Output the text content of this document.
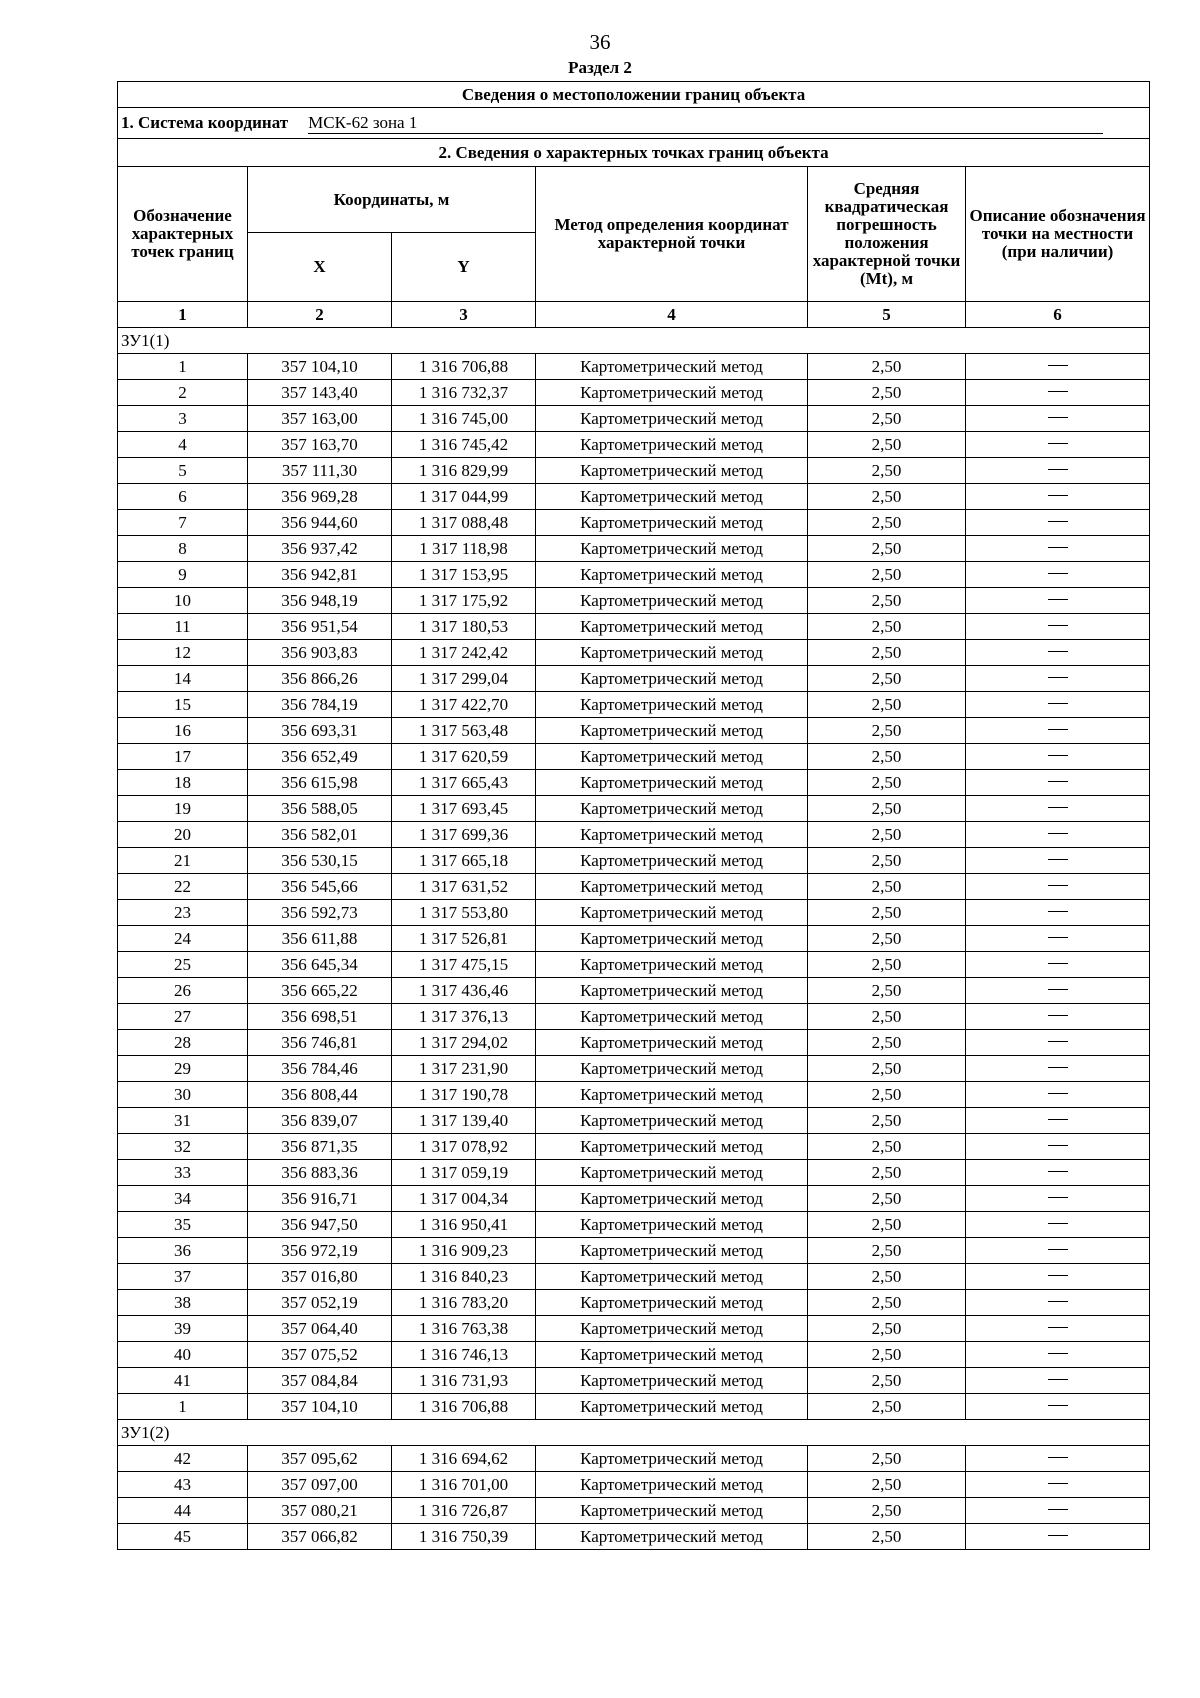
36
Раздел 2
Сведения о местоположении границ объекта					
1. Система координат МСК-62 зона 1					
2. Сведения о характерных точках границ объекта					
Обозначение характерных точек границ	Координаты, м		Метод определения координат характерной точки	Средняя квадратическая погрешность положения характерной точки (Mt), м	Описание обозначения точки на местности (при наличии)
	X	Y			
1	2	3	4	5	6
ЗУ1(1)					
1	357 104,10	1 316 706,88	Картометрический метод	2,50	
2	357 143,40	1 316 732,37	Картометрический метод	2,50	
3	357 163,00	1 316 745,00	Картометрический метод	2,50	
4	357 163,70	1 316 745,42	Картометрический метод	2,50	
5	357 111,30	1 316 829,99	Картометрический метод	2,50	
6	356 969,28	1 317 044,99	Картометрический метод	2,50	
7	356 944,60	1 317 088,48	Картометрический метод	2,50	
8	356 937,42	1 317 118,98	Картометрический метод	2,50	
9	356 942,81	1 317 153,95	Картометрический метод	2,50	
10	356 948,19	1 317 175,92	Картометрический метод	2,50	
11	356 951,54	1 317 180,53	Картометрический метод	2,50	
12	356 903,83	1 317 242,42	Картометрический метод	2,50	
14	356 866,26	1 317 299,04	Картометрический метод	2,50	
15	356 784,19	1 317 422,70	Картометрический метод	2,50	
16	356 693,31	1 317 563,48	Картометрический метод	2,50	
17	356 652,49	1 317 620,59	Картометрический метод	2,50	
18	356 615,98	1 317 665,43	Картометрический метод	2,50	
19	356 588,05	1 317 693,45	Картометрический метод	2,50	
20	356 582,01	1 317 699,36	Картометрический метод	2,50	
21	356 530,15	1 317 665,18	Картометрический метод	2,50	
22	356 545,66	1 317 631,52	Картометрический метод	2,50	
23	356 592,73	1 317 553,80	Картометрический метод	2,50	
24	356 611,88	1 317 526,81	Картометрический метод	2,50	
25	356 645,34	1 317 475,15	Картометрический метод	2,50	
26	356 665,22	1 317 436,46	Картометрический метод	2,50	
27	356 698,51	1 317 376,13	Картометрический метод	2,50	
28	356 746,81	1 317 294,02	Картометрический метод	2,50	
29	356 784,46	1 317 231,90	Картометрический метод	2,50	
30	356 808,44	1 317 190,78	Картометрический метод	2,50	
31	356 839,07	1 317 139,40	Картометрический метод	2,50	
32	356 871,35	1 317 078,92	Картометрический метод	2,50	
33	356 883,36	1 317 059,19	Картометрический метод	2,50	
34	356 916,71	1 317 004,34	Картометрический метод	2,50	
35	356 947,50	1 316 950,41	Картометрический метод	2,50	
36	356 972,19	1 316 909,23	Картометрический метод	2,50	
37	357 016,80	1 316 840,23	Картометрический метод	2,50	
38	357 052,19	1 316 783,20	Картометрический метод	2,50	
39	357 064,40	1 316 763,38	Картометрический метод	2,50	
40	357 075,52	1 316 746,13	Картометрический метод	2,50	
41	357 084,84	1 316 731,93	Картометрический метод	2,50	
1	357 104,10	1 316 706,88	Картометрический метод	2,50	
ЗУ1(2)					
42	357 095,62	1 316 694,62	Картометрический метод	2,50	
43	357 097,00	1 316 701,00	Картометрический метод	2,50	
44	357 080,21	1 316 726,87	Картометрический метод	2,50	
45	357 066,82	1 316 750,39	Картометрический метод	2,50	
